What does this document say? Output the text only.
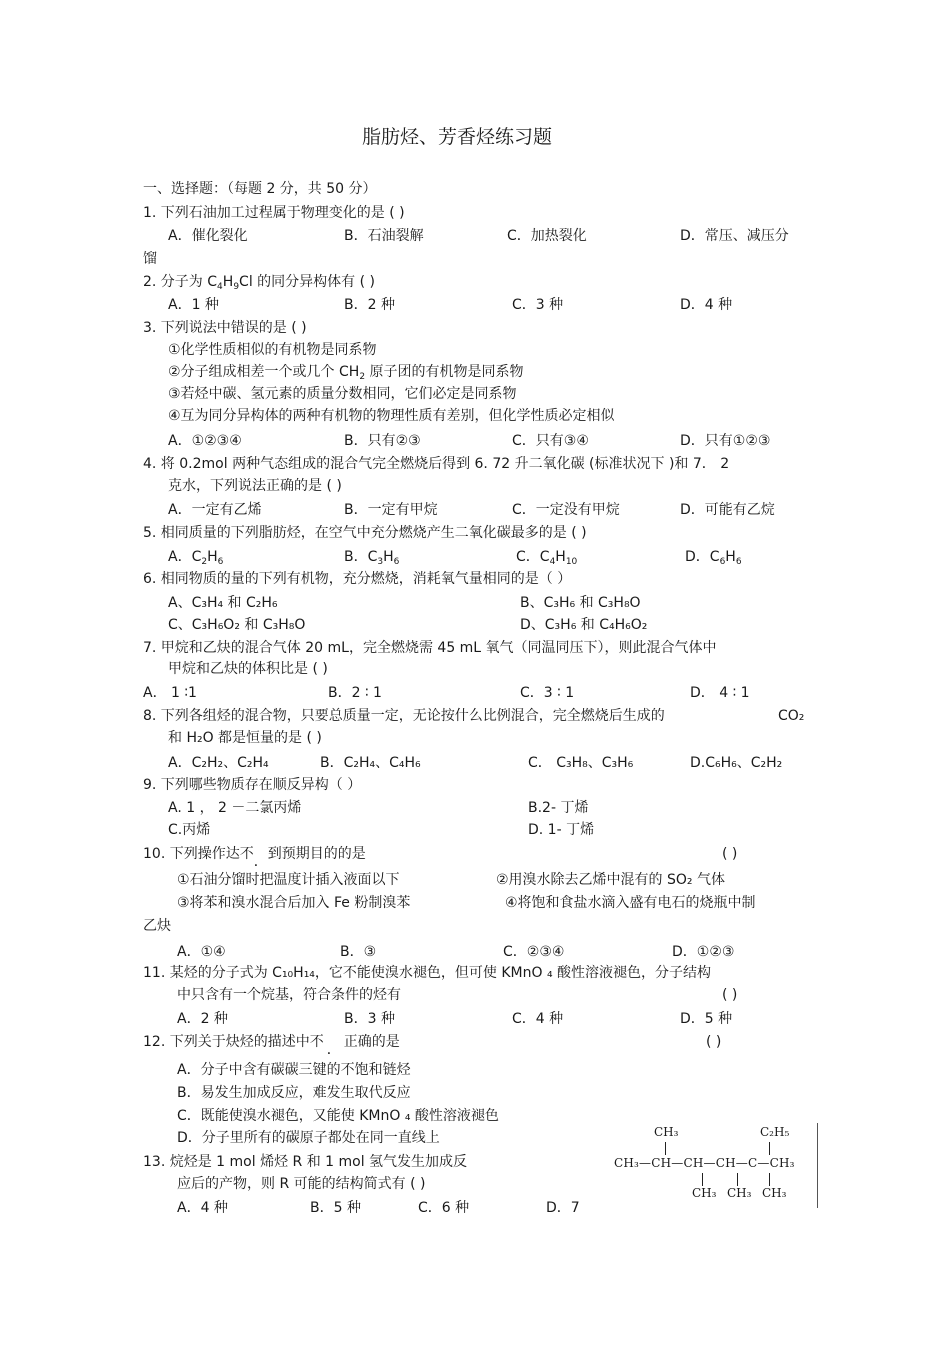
脂肪烃、芳香烃练习题
一、选择题：（每题 2 分，共 50 分）
1. 下列石油加工过程属于物理变化的是 ( )
A．催化裂化	B．石油裂解	C．加热裂化	D．常压、减压分
馏
2. 分子为 $C_4H_9Cl$ 的同分异构体有 ( )
A．1 种	B．2 种	C．3 种	D．4 种
3. 下列说法中错误的是 ( )
①化学性质相似的有机物是同系物
②分子组成相差一个或几个 $CH_2$ 原子团的有机物是同系物
③若烃中碳、氢元素的质量分数相同，它们必定是同系物
④互为同分异构体的两种有机物的物理性质有差别，但化学性质必定相似
A．①②③④	B．只有②③	C．只有③④	D．只有①②③
4. 将 0.2mol 两种气态组成的混合气完全燃烧后得到 6. 72 升二氧化碳 (标准状况下 )和 7． 2
克水，下列说法正确的是 ( )
A．一定有乙烯	B．一定有甲烷	C．一定没有甲烷	D．可能有乙烷
5. 相同质量的下列脂肪烃，在空气中充分燃烧产生二氧化碳最多的是 ( )
A．$C_2H_6$	B．$C_3H_6$	C．$C_4H_{10}$	D．$C_6H_6$
6. 相同物质的量的下列有机物，充分燃烧，消耗氧气量相同的是（ ）
A、C₃H₄ 和 C₂H₆	B、C₃H₆ 和 C₃H₈O
C、C₃H₆O₂ 和 C₃H₈O	D、C₃H₆ 和 C₄H₆O₂
7. 甲烷和乙炔的混合气体 20 mL，完全燃烧需 45 mL 氧气（同温同压下），则此混合气体中
甲烷和乙炔的体积比是 ( )
A． 1 ∶1	B．2 ∶ 1	C．3 ∶ 1	D． 4 ∶ 1
8. 下列各组烃的混合物，只要总质量一定，无论按什么比例混合，完全燃烧后生成的	CO₂
和 H₂O 都是恒量的是 ( )
A．C₂H₂、C₂H₄	B．C₂H₄、C₄H₆	C． C₃H₈、C₃H₆	D.C₆H₆、C₂H₂
9. 下列哪些物质存在顺反异构（ ）
A. 1 ， 2 －二氯丙烯	B.2- 丁烯
C.丙烯	D. 1- 丁烯
10. 下列操作达不．到预期目的的是	( )
①石油分馏时把温度计插入液面以下	②用溴水除去乙烯中混有的 SO₂ 气体
③将苯和溴水混合后加入 Fe 粉制溴苯	④将饱和食盐水滴入盛有电石的烧瓶中制
乙炔
A．①④	B．③	C．②③④	D．①②③
11. 某烃的分子式为 C₁₀H₁₄，它不能使溴水褪色，但可使 KMnO ₄ 酸性溶液褪色，分子结构
中只含有一个烷基，符合条件的烃有	( )
A．2 种	B．3 种	C．4 种	D．5 种
12. 下列关于炔烃的描述中不 ． 正确的是	( )
A．分子中含有碳碳三键的不饱和链烃
B．易发生加成反应，难发生取代反应
C．既能使溴水褪色，又能使 KMnO ₄ 酸性溶液褪色
D．分子里所有的碳原子都处在同一直线上
13. 烷烃是 1 mol 烯烃 R 和 1 mol 氢气发生加成反
应后的产物，则 R 可能的结构简式有 ( )
A．4 种	B．5 种	C．6 种	D．7
CH₃	C₂H₅
CH₃—CH—CH—CH—C—CH₃
CH₃ CH₃ CH₃
